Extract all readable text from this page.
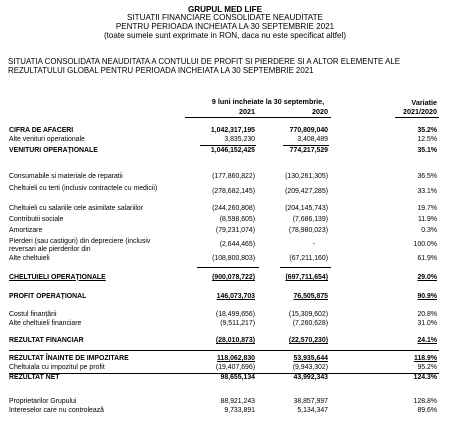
GRUPUL MED LIFE
SITUATII FINANCIARE CONSOLIDATE NEAUDITATE
PENTRU PERIOADA INCHEIATA LA 30 SEPTEMBRIE 2021
(toate sumele sunt exprimate in RON, daca nu este specificat altfel)
SITUATIA CONSOLIDATA NEAUDITATA A CONTULUI DE PROFIT SI PIERDERE SI A ALTOR ELEMENTE ALE
REZULTATULUI GLOBAL PENTRU PERIOADA INCHEIATA LA 30 SEPTEMBRIE 2021
9 luni incheiate la 30 septembrie,
2021	2020
Variatie
2021/2020
CIFRA DE AFACERI	1,042,317,195	770,809,040	35.2%
Alte venituri operationale	3,835,230	3,408,489	12.5%
VENITURI OPERAȚIONALE	1,046,152,425	774,217,529	35.1%
Consumabile si materiale de reparatii	(177,860,822)	(130,261,305)	36.5%
Cheltuieli cu terti (inclusiv contractele cu medicii)	(278,682,145)	(209,427,285)	33.1%
Cheltuieli cu salariile cele asimilate salariilor	(244,260,808)	(204,145,743)	19.7%
Contributii sociale	(8,598,605)	(7,686,139)	11.9%
Amortizare	(79,231,074)	(78,980,023)	0.3%
Pierderi (sau castiguri) din depreciere (inclusiv reversari ale pierderilor din
(2,644,465)	-	100.0%
Alte cheltuieli	(108,800,803)	(67,211,160)	61.9%
CHELTUIELI OPERAȚIONALE	(900,078,722)	(697,711,654)	29.0%
PROFIT OPERAȚIONAL	146,073,703	76,505,875	90.9%
Costul finanțării	(18,499,656)	(15,309,602)	20.8%
Alte cheltuieli financiare	(9,511,217)	(7,260,628)	31.0%
REZULTAT FINANCIAR	(28,010,873)	(22,570,230)	24.1%
REZULTAT ÎNAINTE DE IMPOZITARE	118,062,830	53,935,644	118.9%
Cheltuiala cu impozitul pe profit	(19,407,696)	(9,943,302)	95.2%
REZULTAT NET	98,655,134	43,992,343	124.3%
Proprietarilor Grupului	88,921,243	38,857,997	128.8%
Intereselor care nu controlează	9,733,891	5,134,347	89.6%
